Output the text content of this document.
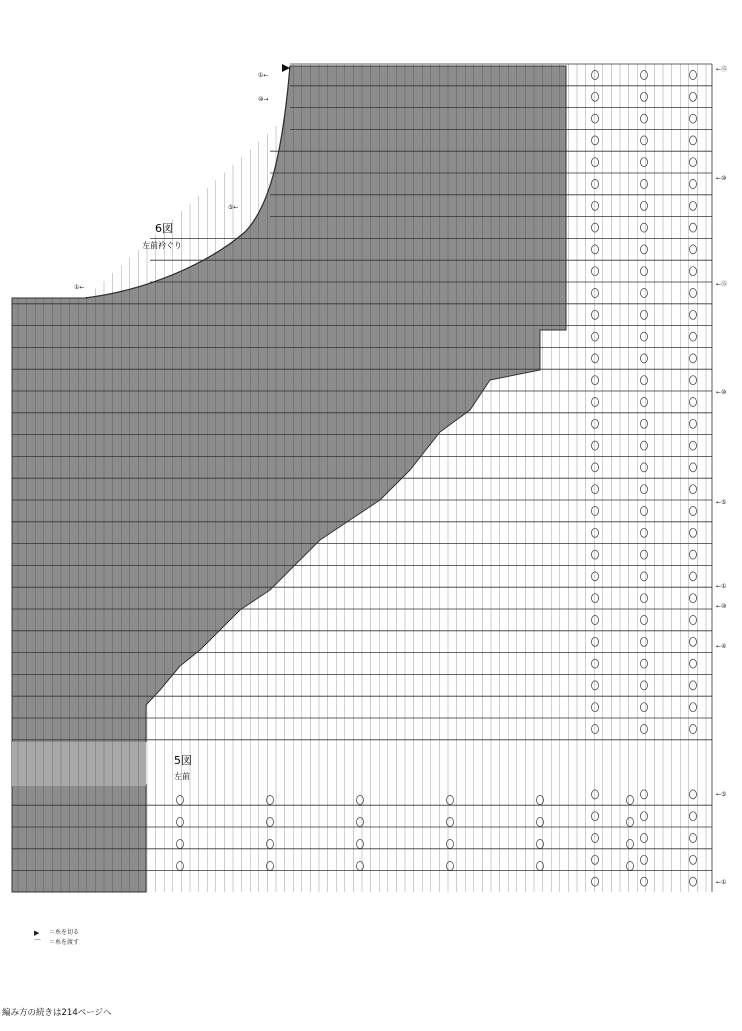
①←
⑩→
⑤←
①←
←⑮
←⑩
←⑮
←⑩
←⑤
←①
←⑩
←④
←⑤
←①
6図
左前衿ぐり
5図
左前
▶	＝糸を切る
⌒	＝糸を渡す
編み方の続きは214ページへ
